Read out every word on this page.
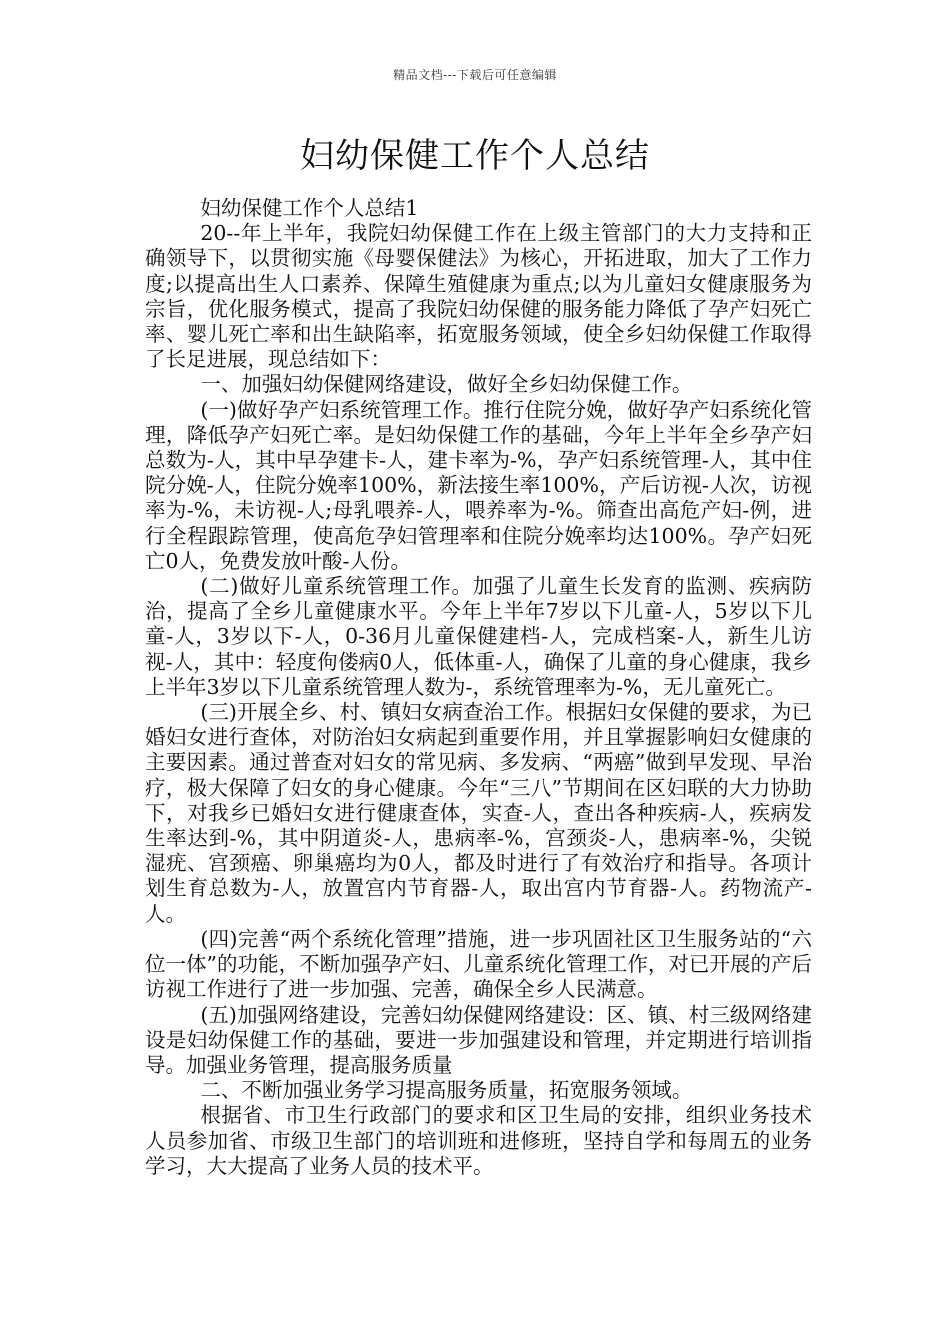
精品文档---下载后可任意编辑
妇幼保健工作个人总结

妇幼保健工作个人总结1

20--年上半年，我院妇幼保健工作在上级主管部门的大力支持和正确领导下，以贯彻实施《母婴保健法》为核心，开拓进取，加大了工作力度;以提高出生人口素养、保障生殖健康为重点;以为儿童妇女健康服务为宗旨，优化服务模式，提高了我院妇幼保健的服务能力降低了孕产妇死亡率、婴儿死亡率和出生缺陷率，拓宽服务领域，使全乡妇幼保健工作取得了长足进展，现总结如下：

一、加强妇幼保健网络建设，做好全乡妇幼保健工作。

(一)做好孕产妇系统管理工作。推行住院分娩，做好孕产妇系统化管理，降低孕产妇死亡率。是妇幼保健工作的基础，今年上半年全乡孕产妇总数为-人，其中早孕建卡-人，建卡率为-%，孕产妇系统管理-人，其中住院分娩-人，住院分娩率100%，新法接生率100%，产后访视-人次，访视率为-%，未访视-人;母乳喂养-人，喂养率为-%。筛查出高危产妇-例，进行全程跟踪管理，使高危孕妇管理率和住院分娩率均达100%。孕产妇死亡0人，免费发放叶酸-人份。

(二)做好儿童系统管理工作。加强了儿童生长发育的监测、疾病防治，提高了全乡儿童健康水平。今年上半年7岁以下儿童-人，5岁以下儿童-人，3岁以下-人，0-36月儿童保健建档-人，完成档案-人，新生儿访视-人，其中：轻度佝偻病0人，低体重-人，确保了儿童的身心健康，我乡上半年3岁以下儿童系统管理人数为-，系统管理率为-%，无儿童死亡。

(三)开展全乡、村、镇妇女病查治工作。根据妇女保健的要求，为已婚妇女进行查体，对防治妇女病起到重要作用，并且掌握影响妇女健康的主要因素。通过普查对妇女的常见病、多发病、“两癌”做到早发现、早治疗，极大保障了妇女的身心健康。今年“三八”节期间在区妇联的大力协助下，对我乡已婚妇女进行健康查体，实查-人，查出各种疾病-人，疾病发生率达到-%，其中阴道炎-人，患病率-%，宫颈炎-人，患病率-%，尖锐湿疣、宫颈癌、卵巢癌均为0人，都及时进行了有效治疗和指导。各项计划生育总数为-人，放置宫内节育器-人，取出宫内节育器-人。药物流产-人。

(四)完善“两个系统化管理”措施，进一步巩固社区卫生服务站的“六位一体”的功能，不断加强孕产妇、儿童系统化管理工作，对已开展的产后访视工作进行了进一步加强、完善，确保全乡人民满意。

(五)加强网络建设，完善妇幼保健网络建设：区、镇、村三级网络建设是妇幼保健工作的基础，要进一步加强建设和管理，并定期进行培训指导。加强业务管理，提高服务质量

二、不断加强业务学习提高服务质量，拓宽服务领域。

根据省、市卫生行政部门的要求和区卫生局的安排，组织业务技术人员参加省、市级卫生部门的培训班和进修班，坚持自学和每周五的业务学习，大大提高了业务人员的技术平。
